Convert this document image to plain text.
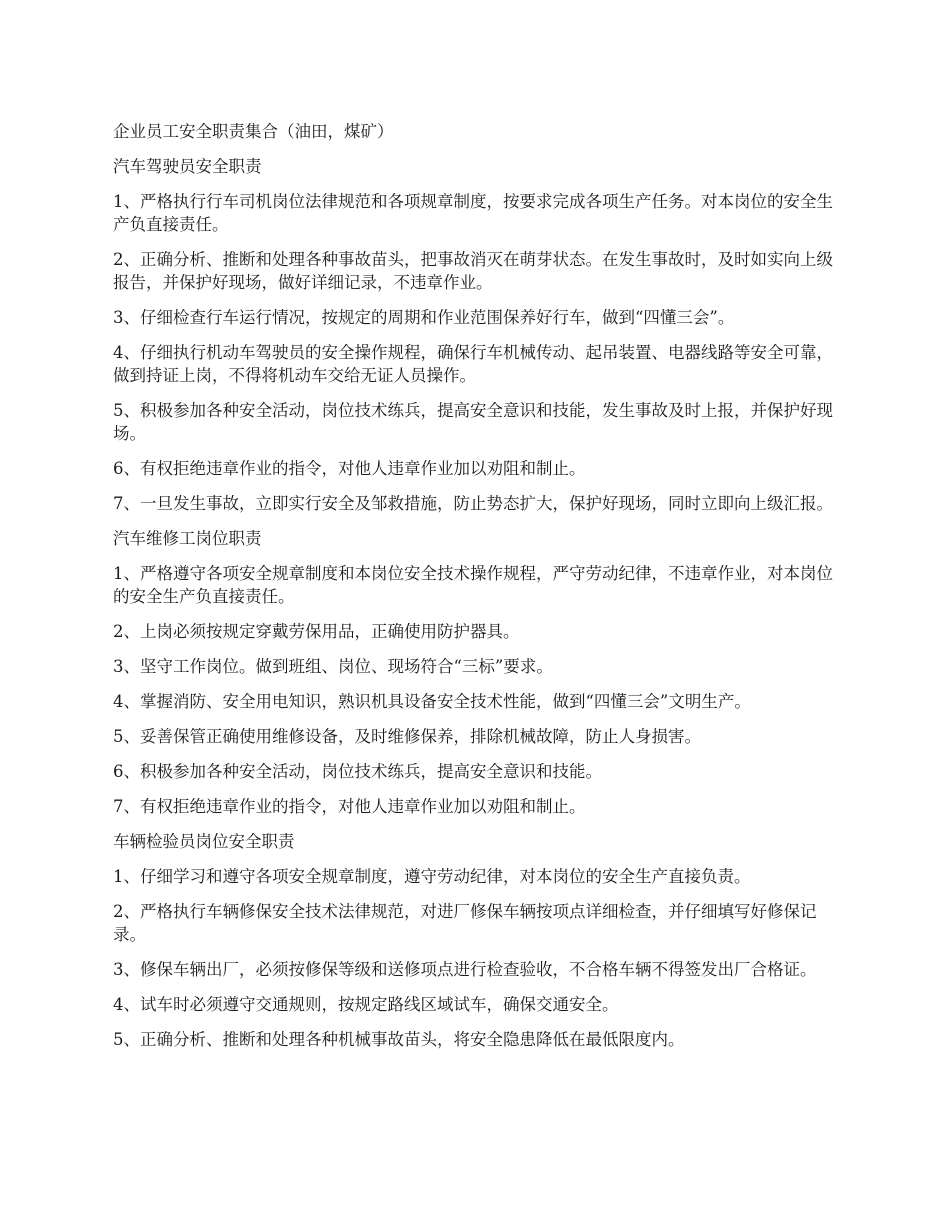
企业员工安全职责集合（油田，煤矿）

汽车驾驶员安全职责

1、严格执行行车司机岗位法律规范和各项规章制度，按要求完成各项生产任务。对本岗位的安全生产负直接责任。

2、正确分析、推断和处理各种事故苗头，把事故消灭在萌芽状态。在发生事故时，及时如实向上级报告，并保护好现场，做好详细记录，不违章作业。

3、仔细检查行车运行情况，按规定的周期和作业范围保养好行车，做到“四懂三会”。

4、仔细执行机动车驾驶员的安全操作规程，确保行车机械传动、起吊装置、电器线路等安全可靠，做到持证上岗，不得将机动车交给无证人员操作。

5、积极参加各种安全活动，岗位技术练兵，提高安全意识和技能，发生事故及时上报，并保护好现场。

6、有权拒绝违章作业的指令，对他人违章作业加以劝阻和制止。

7、一旦发生事故，立即实行安全及邹救措施，防止势态扩大，保护好现场，同时立即向上级汇报。

汽车维修工岗位职责

1、严格遵守各项安全规章制度和本岗位安全技术操作规程，严守劳动纪律，不违章作业，对本岗位的安全生产负直接责任。

2、上岗必须按规定穿戴劳保用品，正确使用防护器具。

3、坚守工作岗位。做到班组、岗位、现场符合“三标”要求。

4、掌握消防、安全用电知识，熟识机具设备安全技术性能，做到“四懂三会”文明生产。

5、妥善保管正确使用维修设备，及时维修保养，排除机械故障，防止人身损害。

6、积极参加各种安全活动，岗位技术练兵，提高安全意识和技能。

7、有权拒绝违章作业的指令，对他人违章作业加以劝阻和制止。

车辆检验员岗位安全职责

1、仔细学习和遵守各项安全规章制度，遵守劳动纪律，对本岗位的安全生产直接负责。

2、严格执行车辆修保安全技术法律规范，对进厂修保车辆按项点详细检查，并仔细填写好修保记录。

3、修保车辆出厂，必须按修保等级和送修项点进行检查验收，不合格车辆不得签发出厂合格证。

4、试车时必须遵守交通规则，按规定路线区域试车，确保交通安全。

5、正确分析、推断和处理各种机械事故苗头，将安全隐患降低在最低限度内。
